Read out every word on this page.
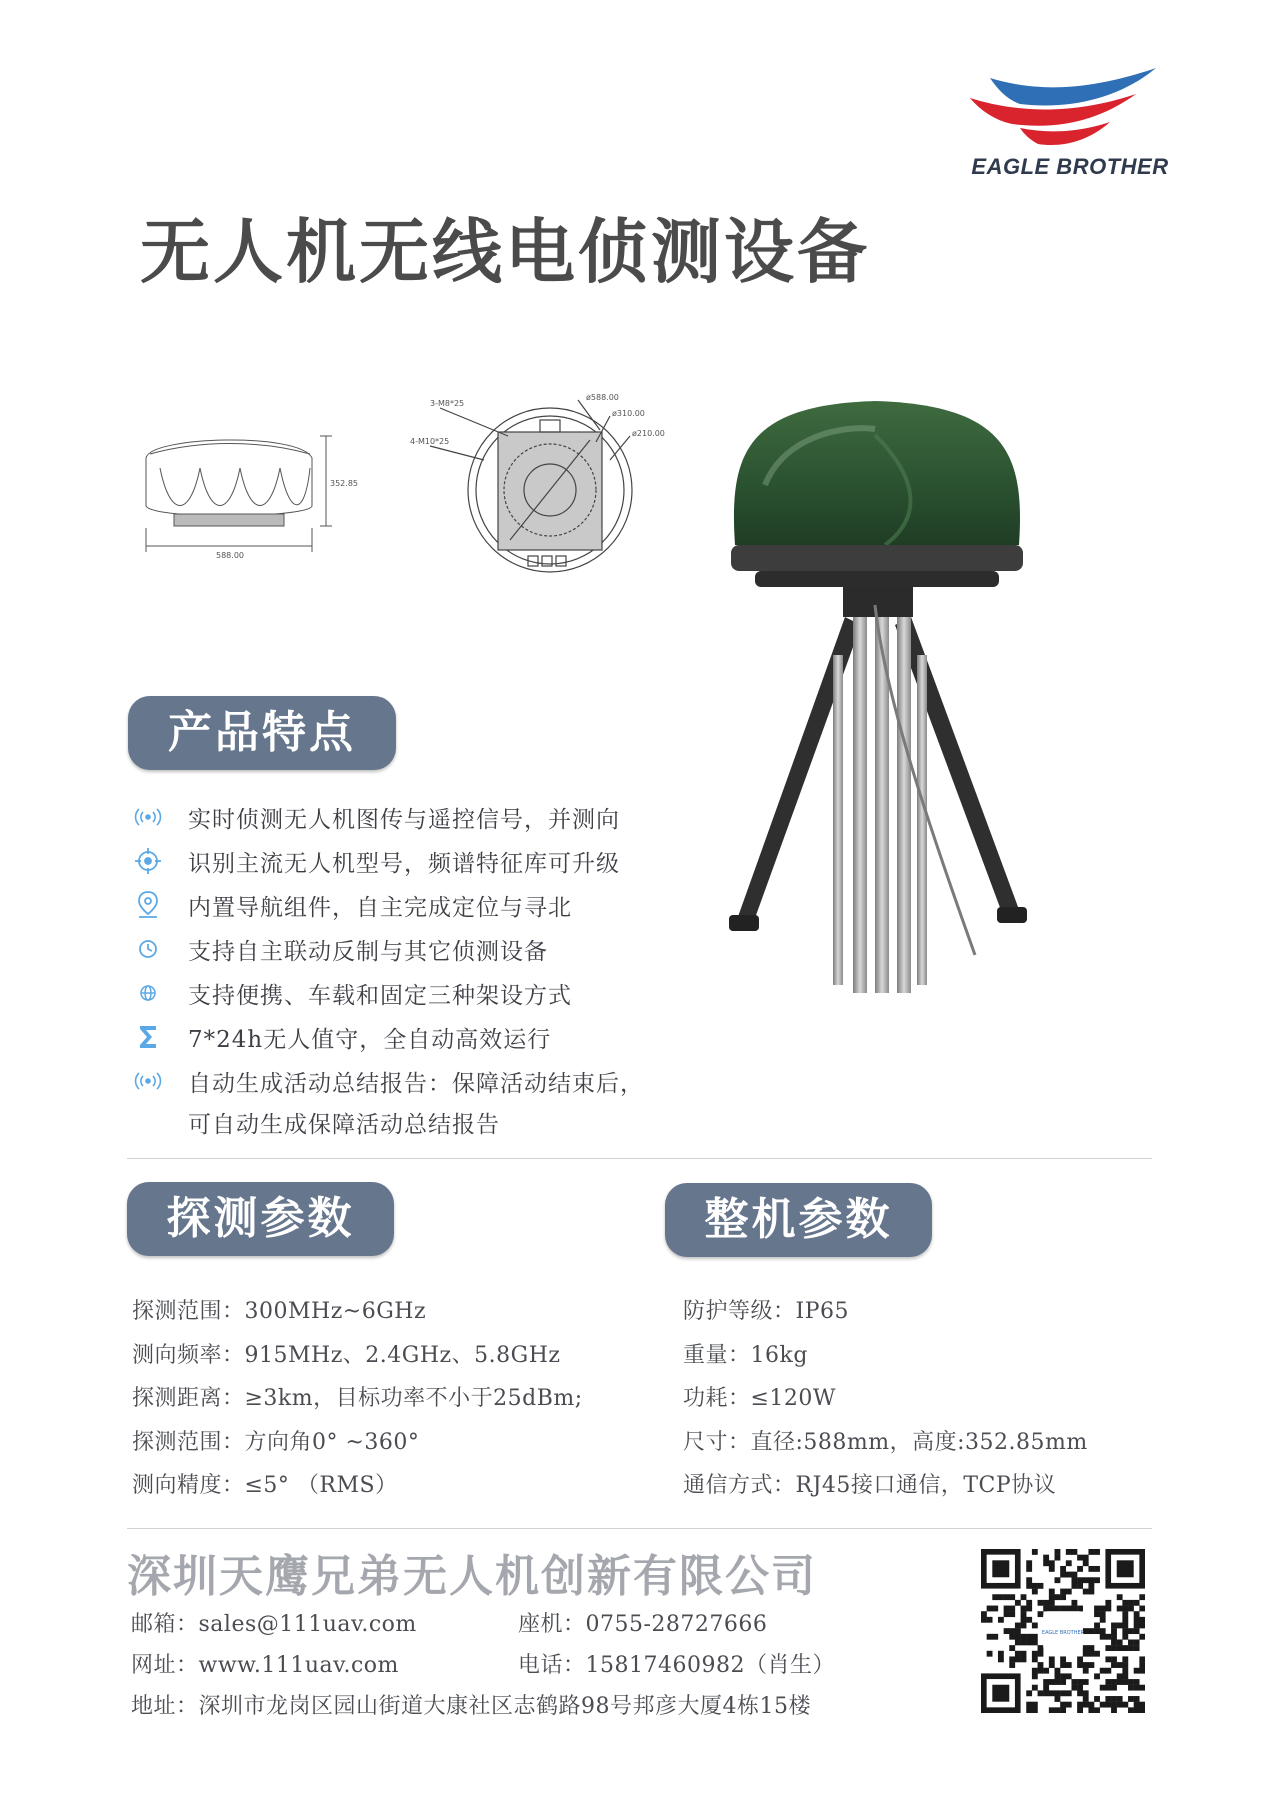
EAGLE BROTHER
无人机无线电侦测设备
352.85
588.00
ø588.00
ø310.00
ø210.00
3-M8*25
4-M10*25
产品特点
实时侦测无人机图传与遥控信号，并测向
识别主流无人机型号，频谱特征库可升级
内置导航组件，自主完成定位与寻北
支持自主联动反制与其它侦测设备
支持便携、车载和固定三种架设方式
7*24h无人值守，全自动高效运行
自动生成活动总结报告：保障活动结束后，
可自动生成保障活动总结报告
探测参数	整机参数
探测范围：300MHz~6GHz
测向频率：915MHz、2.4GHz、5.8GHz
探测距离：≥3km，目标功率不小于25dBm;
探测范围：方向角0° ~360°
测向精度：≤5° （RMS）
防护等级：IP65
重量：16kg
功耗：≤120W
尺寸：直径:588mm，高度:352.85mm
通信方式：RJ45接口通信，TCP协议
深圳天鹰兄弟无人机创新有限公司
邮箱：sales@111uav.com	座机：0755-28727666
网址：www.111uav.com	电话：15817460982（肖生）
地址：深圳市龙岗区园山街道大康社区志鹤路98号邦彦大厦4栋15楼
EAGLE BROTHER
